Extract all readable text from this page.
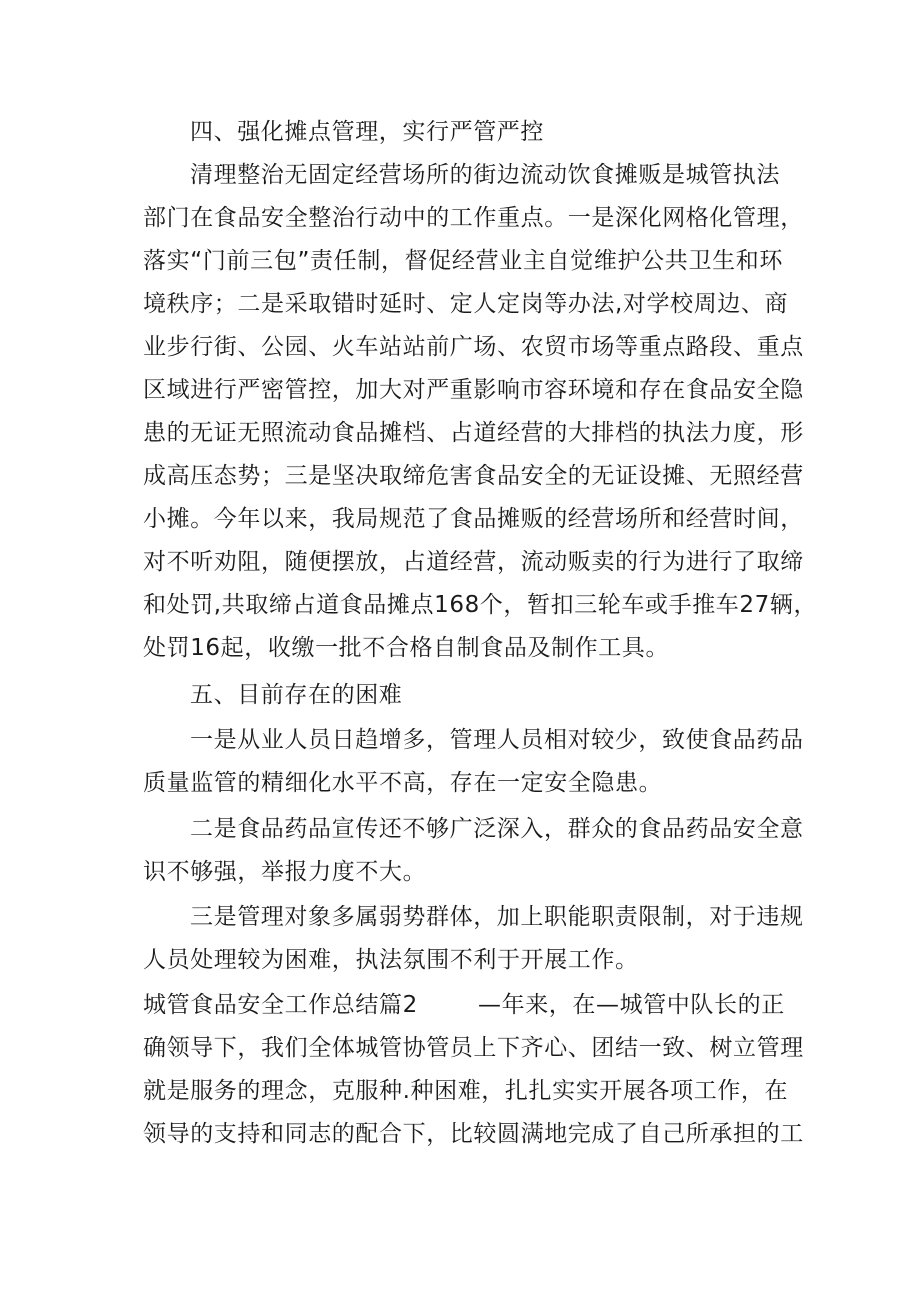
四、强化摊点管理，实行严管严控
清理整治无固定经营场所的街边流动饮食摊贩是城管执法
部门在食品安全整治行动中的工作重点。一是深化网格化管理，
落实“门前三包”责任制，督促经营业主自觉维护公共卫生和环
境秩序；二是采取错时延时、定人定岗等办法,对学校周边、商
业步行街、公园、火车站站前广场、农贸市场等重点路段、重点
区域进行严密管控，加大对严重影响市容环境和存在食品安全隐
患的无证无照流动食品摊档、占道经营的大排档的执法力度，形
成高压态势；三是坚决取缔危害食品安全的无证设摊、无照经营
小摊。今年以来，我局规范了食品摊贩的经营场所和经营时间，
对不听劝阻，随便摆放，占道经营，流动贩卖的行为进行了取缔
和处罚,共取缔占道食品摊点168个，暂扣三轮车或手推车27辆，
处罚16起，收缴一批不合格自制食品及制作工具。
五、目前存在的困难
一是从业人员日趋增多，管理人员相对较少，致使食品药品
质量监管的精细化水平不高，存在一定安全隐患。
二是食品药品宣传还不够广泛深入，群众的食品药品安全意
识不够强，举报力度不大。
三是管理对象多属弱势群体，加上职能职责限制，对于违规
人员处理较为困难，执法氛围不利于开展工作。
城管食品安全工作总结篇2	—年来，在—城管中队长的正
确领导下，我们全体城管协管员上下齐心、团结一致、树立管理
就是服务的理念，克服种.种困难，扎扎实实开展各项工作，在
领导的支持和同志的配合下，比较圆满地完成了自己所承担的工
